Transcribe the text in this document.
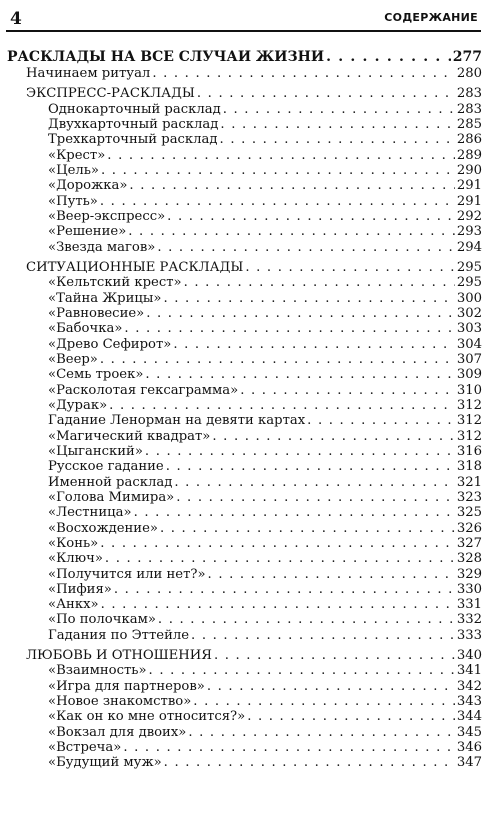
4	СОДЕРЖАНИЕ
РАСКЛАДЫ НА ВСЕ СЛУЧАИ ЖИЗНИ . . .	277
Начинаем ритуал . . .	280
ЭКСПРЕСС-РАСКЛАДЫ . . .	283
Однокарточный расклад . . .	283
Двухкарточный расклад . . .	285
Трехкарточный расклад . . .	286
«Крест» . . .	289
«Цель» . . .	290
«Дорожка» . . .	291
«Путь» . . .	291
«Веер-экспресс» . . .	292
«Решение» . . .	293
«Звезда магов» . . .	294
СИТУАЦИОННЫЕ РАСКЛАДЫ . . .	295
«Кельтский крест» . . .	295
«Тайна Жрицы» . . .	300
«Равновесие» . . .	302
«Бабочка» . . .	303
«Древо Сефирот» . . .	304
«Веер» . . .	307
«Семь троек» . . .	309
«Расколотая гексаграмма» . . .	310
«Дурак» . . .	312
Гадание Ленорман на девяти картах . . .	312
«Магический квадрат» . . .	312
«Цыганский» . . .	316
Русское гадание . . .	318
Именной расклад . . .	321
«Голова Мимира» . . .	323
«Лестница» . . .	325
«Восхождение» . . .	326
«Конь» . . .	327
«Ключ» . . .	328
«Получится или нет?» . . .	329
«Пифия» . . .	330
«Анкх» . . .	331
«По полочкам» . . .	332
Гадания по Эттейле . . .	333
ЛЮБОВЬ И ОТНОШЕНИЯ . . .	340
«Взаимность» . . .	341
«Игра для партнеров» . . .	342
«Новое знакомство» . . .	343
«Как он ко мне относится?» . . .	344
«Вокзал для двоих» . . .	345
«Встреча» . . .	346
«Будущий муж» . . .	347
